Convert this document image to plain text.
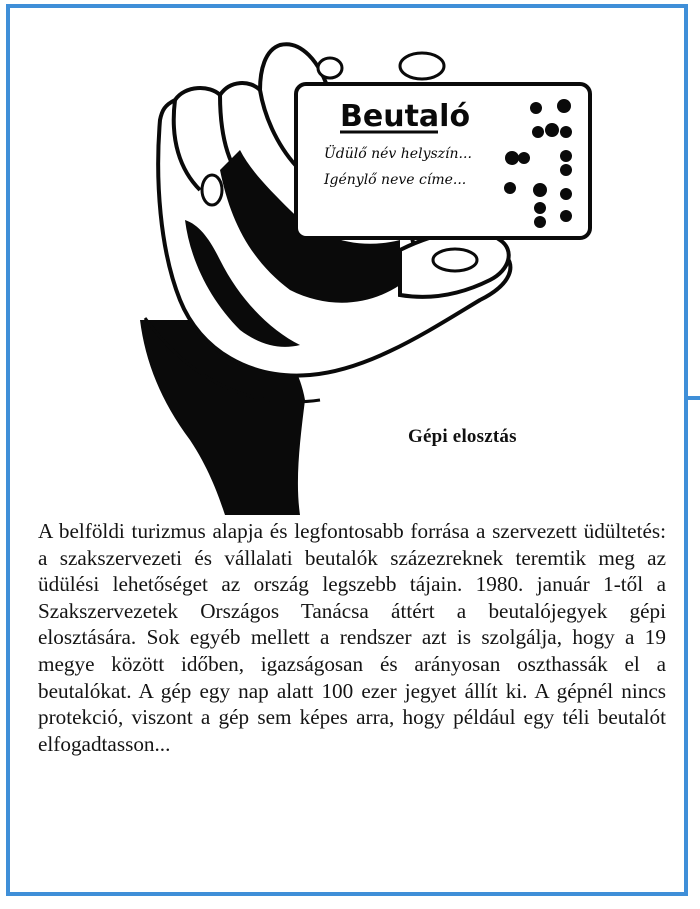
Beutaló
Üdülő név helyszín...
Igénylő neve címe...
Gépi elosztás

A belföldi turizmus alapja és legfontosabb forrása a szervezett üdültetés: a szakszervezeti és vállalati beutalók százezreknek teremtik meg az üdülési lehetőséget az ország legszebb tájain. 1980. január 1-től a Szakszervezetek Országos Tanácsa áttért a beutalójegyek gépi elosztására. Sok egyéb mellett a rendszer azt is szolgálja, hogy a 19 megye között időben, igazságosan és arányosan oszthassák el a beutalókat. A gép egy nap alatt 100 ezer jegyet állít ki. A gépnél nincs protekció, viszont a gép sem képes arra, hogy például egy téli beutalót elfogadtasson...
